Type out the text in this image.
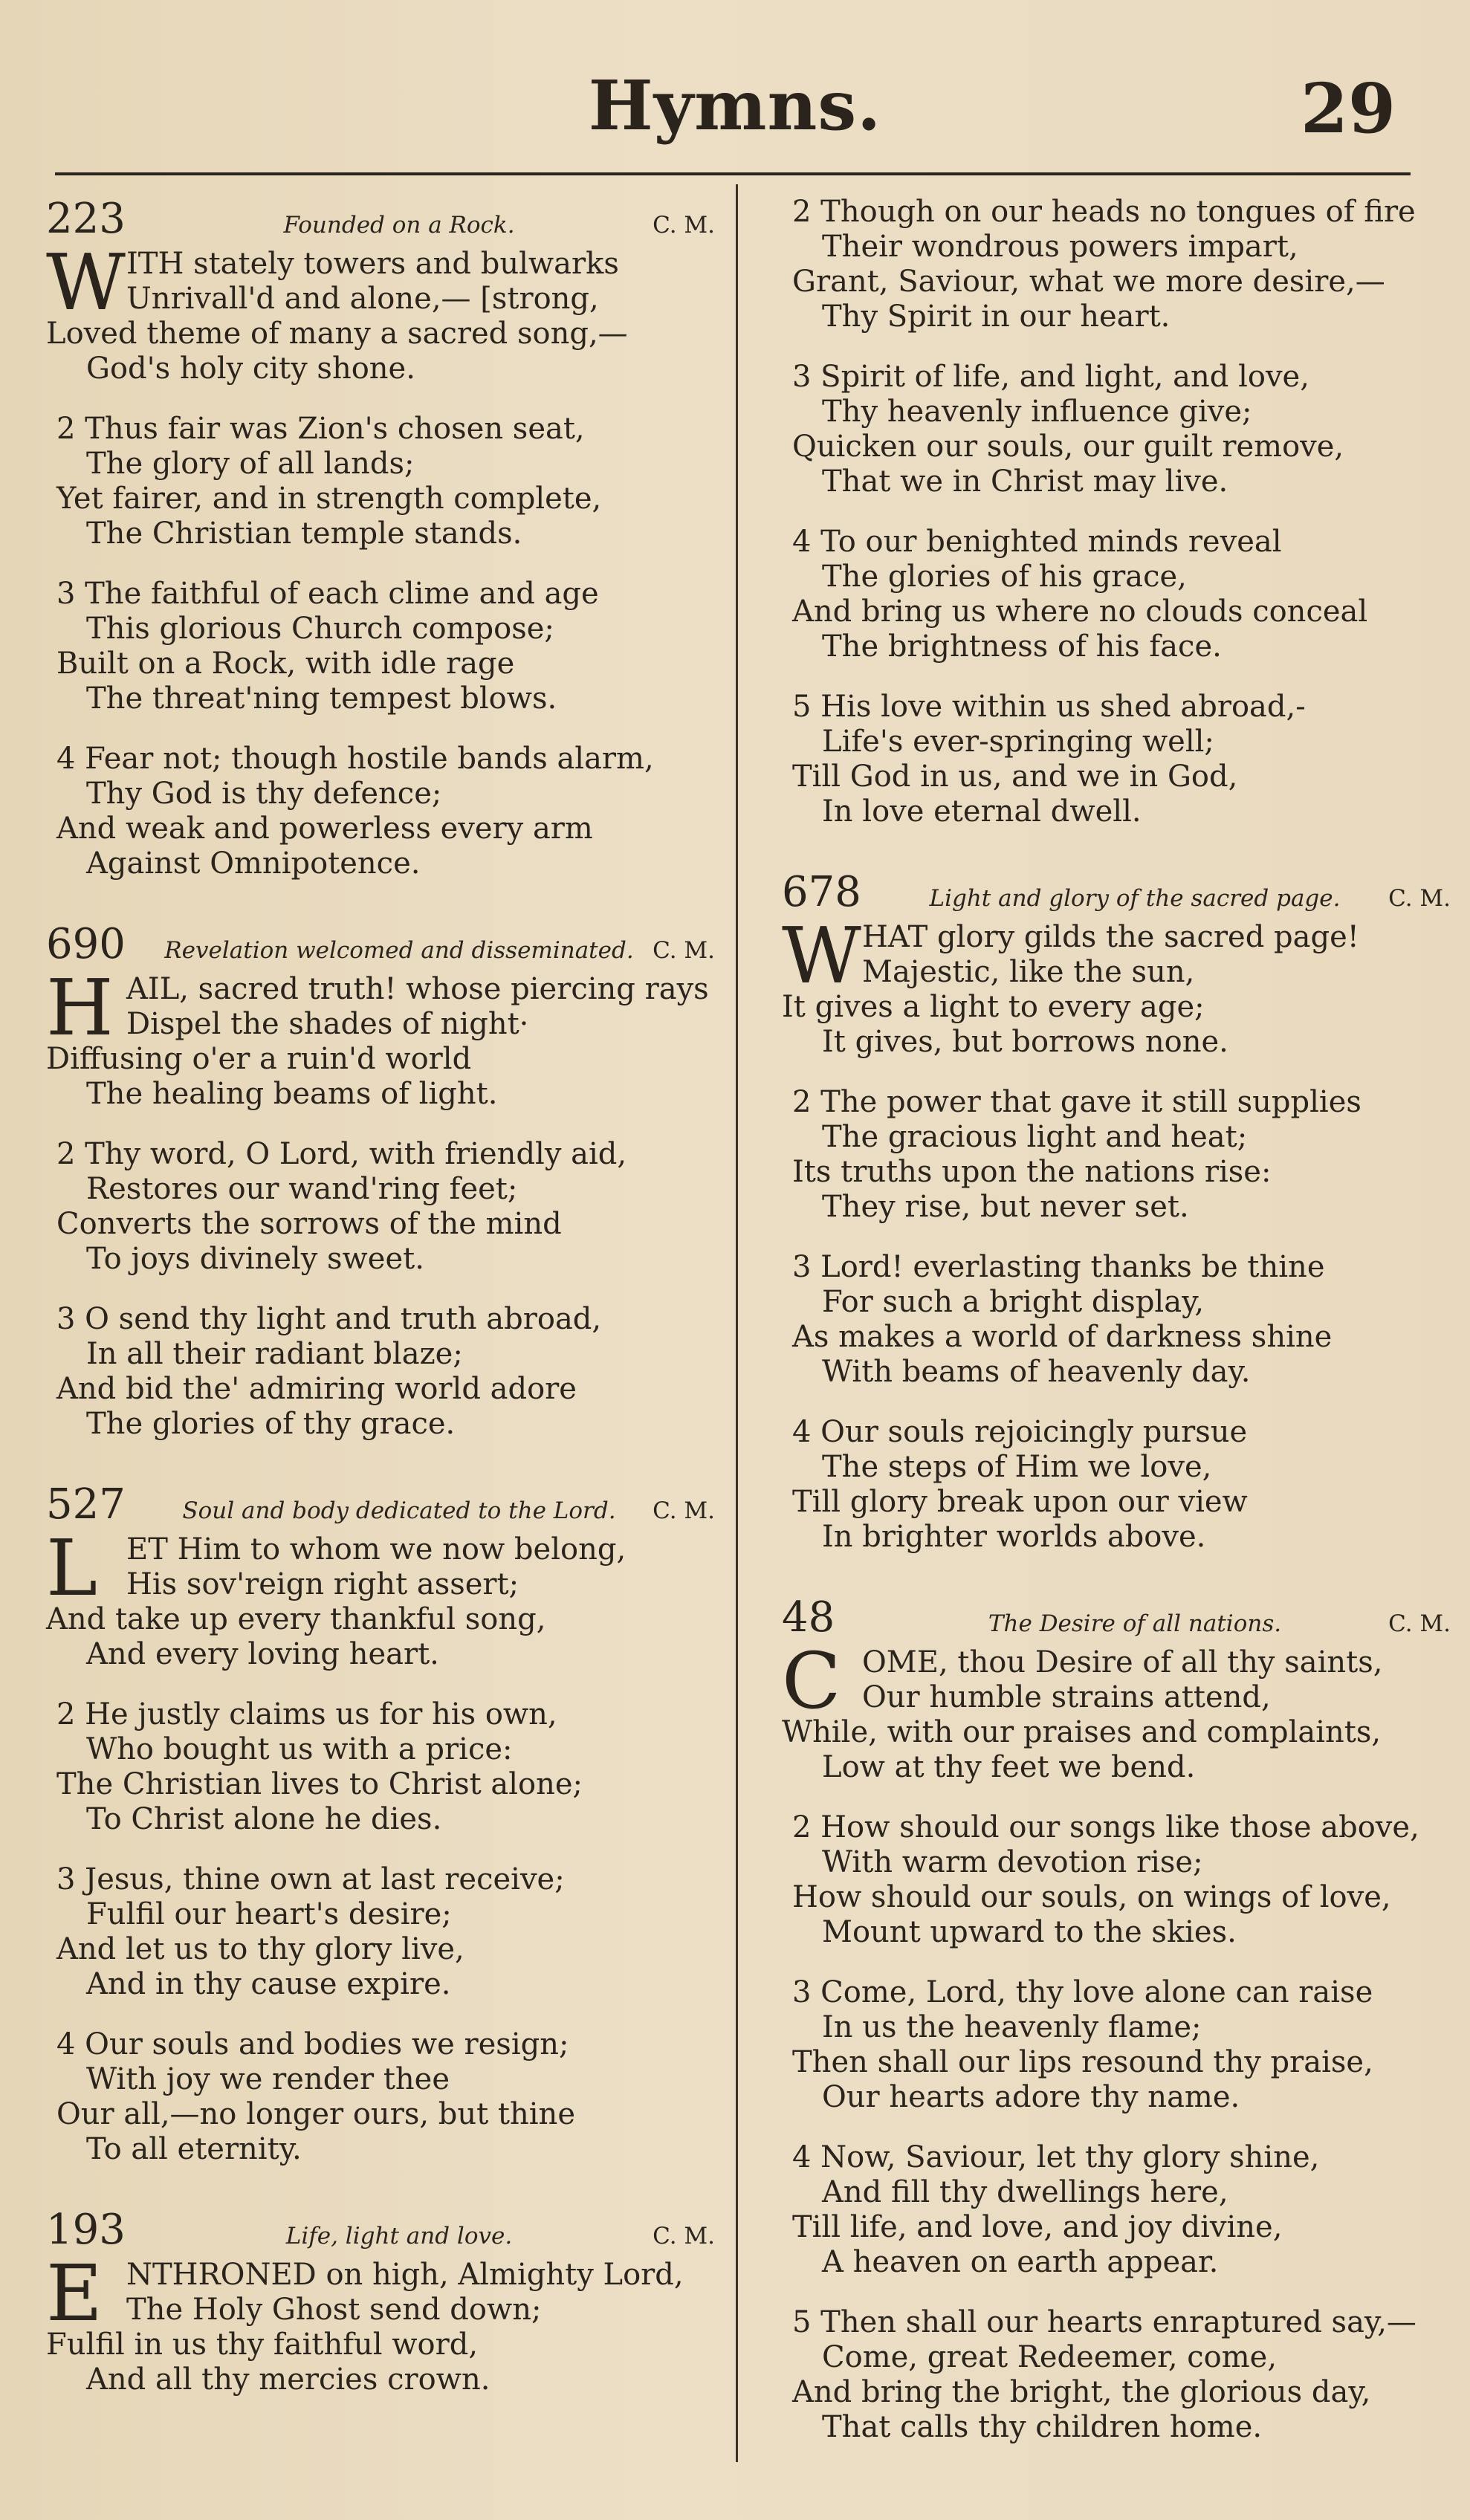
Hymns.	29
223	Founded on a Rock.	C. M.
W ITH stately towers and bulwarks
Unrivall'd and alone,— [strong,
Loved theme of many a sacred song,—
God's holy city shone.
2 Thus fair was Zion's chosen seat,
The glory of all lands;
Yet fairer, and in strength complete,
The Christian temple stands.
3 The faithful of each clime and age
This glorious Church compose;
Built on a Rock, with idle rage
The threat'ning tempest blows.
4 Fear not; though hostile bands alarm,
Thy God is thy defence;
And weak and powerless every arm
Against Omnipotence.
690	Revelation welcomed and disseminated. C. M.
H AIL, sacred truth! whose piercing rays
Dispel the shades of night·
Diffusing o'er a ruin'd world
The healing beams of light.
2 Thy word, O Lord, with friendly aid,
Restores our wand'ring feet;
Converts the sorrows of the mind
To joys divinely sweet.
3 O send thy light and truth abroad,
In all their radiant blaze;
And bid the' admiring world adore
The glories of thy grace.
527	Soul and body dedicated to the Lord.	C. M.
L ET Him to whom we now belong,
His sov'reign right assert;
And take up every thankful song,
And every loving heart.
2 He justly claims us for his own,
Who bought us with a price:
The Christian lives to Christ alone;
To Christ alone he dies.
3 Jesus, thine own at last receive;
Fulfil our heart's desire;
And let us to thy glory live,
And in thy cause expire.
4 Our souls and bodies we resign;
With joy we render thee
Our all,—no longer ours, but thine
To all eternity.
193	Life, light and love.	C. M.
E NTHRONED on high, Almighty Lord,
The Holy Ghost send down;
Fulfil in us thy faithful word,
And all thy mercies crown.
2 Though on our heads no tongues of fire
Their wondrous powers impart,
Grant, Saviour, what we more desire,—
Thy Spirit in our heart.
3 Spirit of life, and light, and love,
Thy heavenly influence give;
Quicken our souls, our guilt remove,
That we in Christ may live.
4 To our benighted minds reveal
The glories of his grace,
And bring us where no clouds conceal
The brightness of his face.
5 His love within us shed abroad,-
Life's ever-springing well;
Till God in us, and we in God,
In love eternal dwell.
678	Light and glory of the sacred page.	C. M.
W HAT glory gilds the sacred page!
Majestic, like the sun,
It gives a light to every age;
It gives, but borrows none.
2 The power that gave it still supplies
The gracious light and heat;
Its truths upon the nations rise:
They rise, but never set.
3 Lord! everlasting thanks be thine
For such a bright display,
As makes a world of darkness shine
With beams of heavenly day.
4 Our souls rejoicingly pursue
The steps of Him we love,
Till glory break upon our view
In brighter worlds above.
48	The Desire of all nations.	C. M.
C OME, thou Desire of all thy saints,
Our humble strains attend,
While, with our praises and complaints,
Low at thy feet we bend.
2 How should our songs like those above,
With warm devotion rise;
How should our souls, on wings of love,
Mount upward to the skies.
3 Come, Lord, thy love alone can raise
In us the heavenly flame;
Then shall our lips resound thy praise,
Our hearts adore thy name.
4 Now, Saviour, let thy glory shine,
And fill thy dwellings here,
Till life, and love, and joy divine,
A heaven on earth appear.
5 Then shall our hearts enraptured say,—
Come, great Redeemer, come,
And bring the bright, the glorious day,
That calls thy children home.
